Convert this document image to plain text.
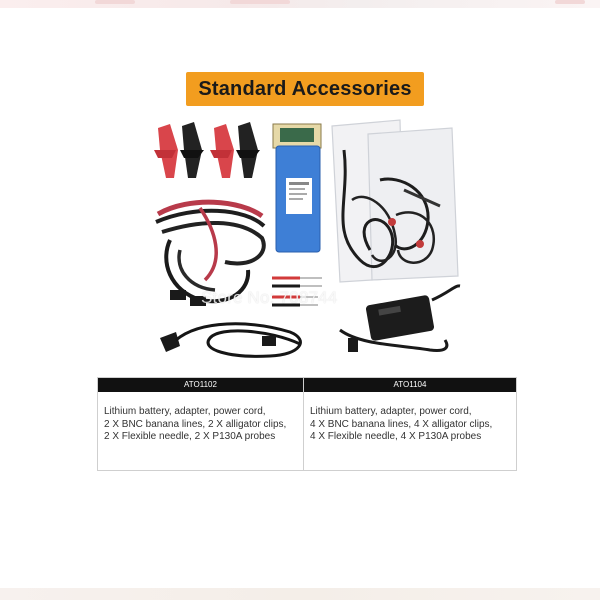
Standard Accessories
Store No: 708744
ATO1102
Lithium battery, adapter, power cord,
2 X BNC banana lines, 2 X alligator clips,
2 X Flexible needle, 2 X P130A probes
ATO1104
Lithium battery, adapter, power cord,
4 X BNC banana lines, 4 X alligator clips,
4 X Flexible needle, 4 X P130A probes
